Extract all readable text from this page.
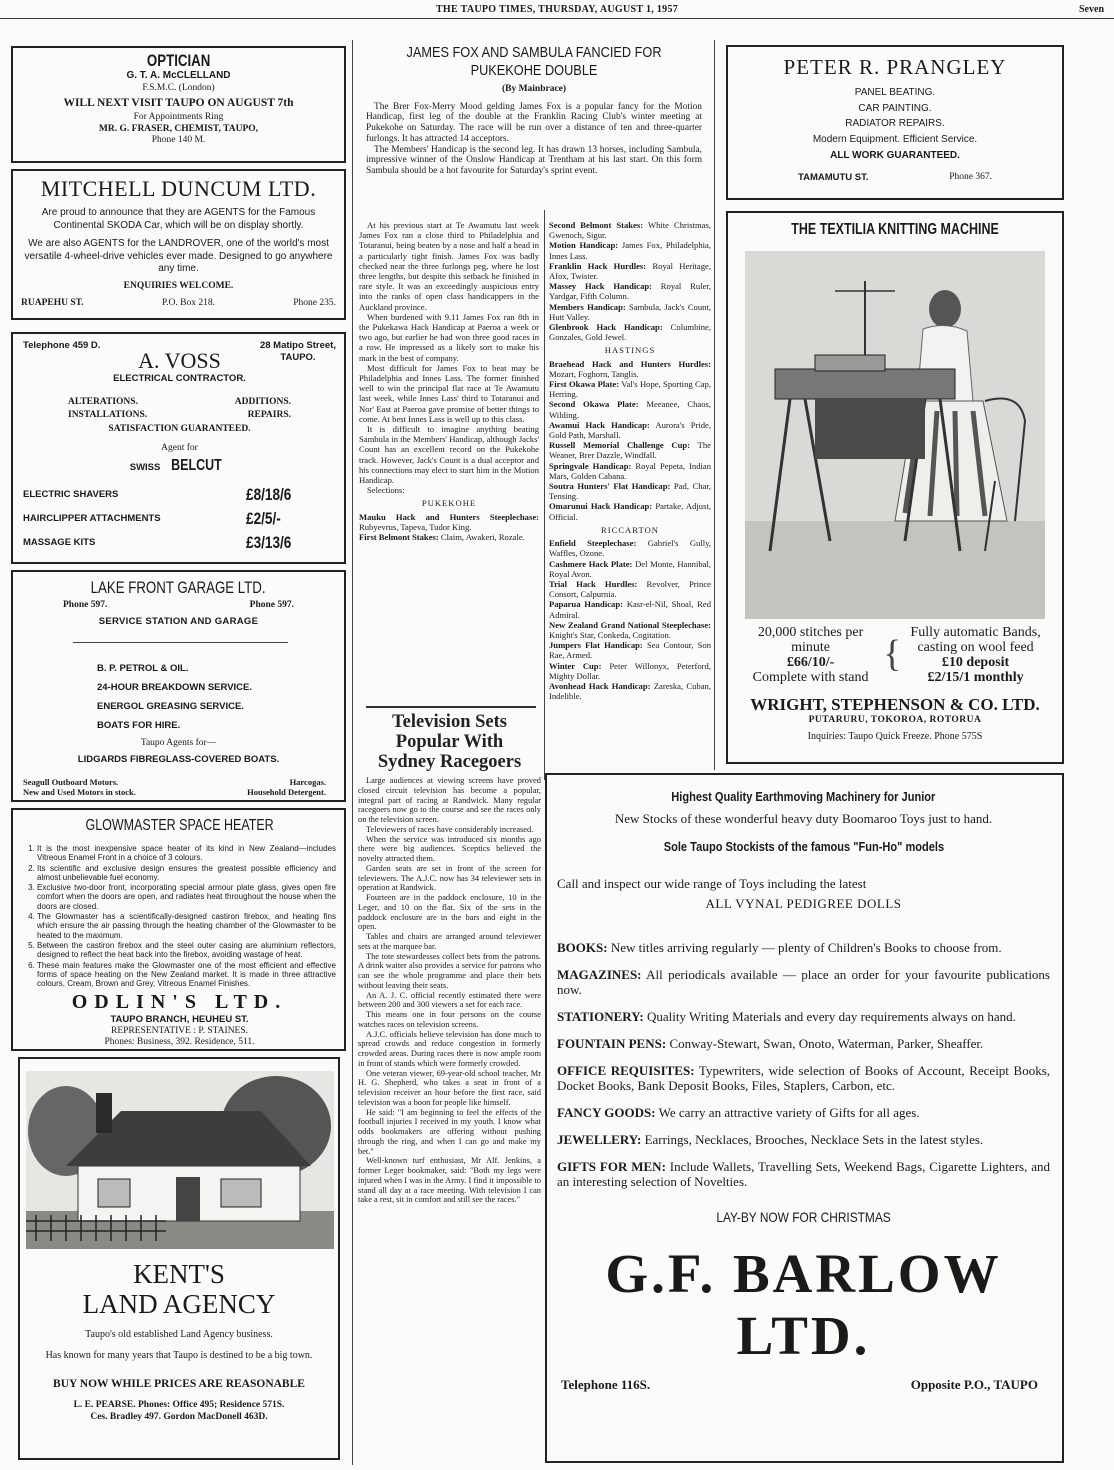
THE TAUPO TIMES, THURSDAY, AUGUST 1, 1957	Seven
OPTICIAN
G. T. A. McCLELLAND
F.S.M.C. (London)
WILL NEXT VISIT TAUPO ON AUGUST 7th
For Appointments Ring
MR. G. FRASER, CHEMIST, TAUPO,
Phone 140 M.
MITCHELL DUNCUM LTD.
Are proud to announce that they are AGENTS for the Famous Continental SKODA Car, which will be on display shortly.
We are also AGENTS for the LANDROVER, one of the world's most versatile 4-wheel-drive vehicles ever made. Designed to go anywhere any time.
ENQUIRIES WELCOME.
RUAPEHU ST.	P.O. Box 218.	Phone 235.
Telephone 459 D.	28 Matipo Street,
TAUPO.
A. VOSS
ELECTRICAL CONTRACTOR.
ALTERATIONS.	ADDITIONS.
INSTALLATIONS.	REPAIRS.
SATISFACTION GUARANTEED.
Agent for
SWISS BELCUT
ELECTRIC SHAVERS	£8/18/6
HAIRCLIPPER ATTACHMENTS	£2/5/-
MASSAGE KITS	£3/13/6
LAKE FRONT GARAGE LTD.
Phone 597.	Phone 597.
SERVICE STATION AND GARAGE
B. P. PETROL & OIL.
24-HOUR BREAKDOWN SERVICE.
ENERGOL GREASING SERVICE.
BOATS FOR HIRE.
Taupo Agents for—
LIDGARDS FIBREGLASS-COVERED BOATS.
Seagull Outboard Motors.	Harcogas.
New and Used Motors in stock.	Household Detergent.
GLOWMASTER SPACE HEATER
1. It is the most inexpensive space heater of its kind in New Zealand—includes Vitreous Enamel Front in a choice of 3 colours.
2. Its scientific and exclusive design ensures the greatest possible efficiency and almost unbelievable fuel economy.
3. Exclusive two-door front, incorporating special armour plate glass, gives open fire comfort when the doors are open, and radiates heat throughout the house when the doors are closed.
4. The Glowmaster has a scientifically-designed castiron firebox, and heating fins which ensure the air passing through the heating chamber of the Glowmaster to be heated to the maximum.
5. Between the castiron firebox and the steel outer casing are aluminium reflectors, designed to reflect the heat back into the firebox, avoiding wastage of heat.
6. These main features make the Glowmaster one of the most efficient and effective forms of space heating on the New Zealand market. It is made in three attractive colours, Cream, Brown and Grey, Vitreous Enamel Finishes.
ODLIN'S LTD.
TAUPO BRANCH, HEUHEU ST.
REPRESENTATIVE : P. STAINES.
Phones: Business, 392. Residence, 511.
KENT'S
LAND AGENCY
Taupo's old established Land Agency business.
Has known for many years that Taupo is destined to be a big town.
BUY NOW WHILE PRICES ARE REASONABLE
L. E. PEARSE. Phones: Office 495; Residence 571S.
Ces. Bradley 497. Gordon MacDonell 463D.
JAMES FOX AND SAMBULA FANCIED FOR PUKEKOHE DOUBLE
(By Mainbrace)

The Brer Fox-Merry Mood gelding James Fox is a popular fancy for the Motion Handicap, first leg of the double at the Franklin Racing Club's winter meeting at Pukekohe on Saturday. The race will be run over a distance of ten and three-quarter furlongs. It has attracted 14 acceptors.

The Members' Handicap is the second leg. It has drawn 13 horses, including Sambula, impressive winner of the Onslow Handicap at Trentham at his last start. On this form Sambula should be a hot favourite for Saturday's sprint event.

At his previous start at Te Awamutu last week James Fox ran a close third to Philadelphia and Totaranui, being beaten by a nose and half a head in a particularly tight finish. James Fox was badly checked near the three furlongs peg, where he lost three lengths, but despite this setback he finished in rare style. It was an exceedingly auspicious entry into the ranks of open class handicappers in the Auckland province.

When burdened with 9.11 James Fox ran 8th in the Pukekawa Hack Handicap at Paeroa a week or two ago, but earlier he had won three good races in a row. He impressed as a likely sort to make his mark in the best of company.

Most difficult for James Fox to beat may be Philadelphia and Innes Lass. The former finished well to win the principal flat race at Te Awamutu last week, while Innes Lass' third to Totaranui and Nor' East at Paeroa gave promise of better things to come. At best Innes Lass is well up to this class.

It is difficult to imagine anything beating Sambula in the Members' Handicap, although Jacks' Count has an excellent record on the Pukekohe track. However, Jack's Count is a dual acceptor and his connections may elect to start him in the Motion Handicap.

Selections:

PUKEKOHE

Mauku Hack and Hunters Steeplechase: Rubyevrus, Tapeva, Tudor King.

First Belmont Stakes: Claim, Awakeri, Rozale.

Second Belmont Stakes: White Christmas, Gwenoch, Sigur.

Motion Handicap: James Fox, Philadelphia, Innes Lass.

Franklin Hack Hurdles: Royal Heritage, Afox, Twister.

Massey Hack Handicap: Royal Ruler, Yardgar, Fifth Column.

Members Handicap: Sambula, Jack's Count, Hutt Valley.

Glenbrook Hack Handicap: Columbine, Gonzales, Gold Jewel.

HASTINGS

Braehead Hack and Hunters Hurdles: Mozart, Foghorn, Tanglis.

First Okawa Plate: Val's Hope, Sporting Cap, Herring.

Second Okawa Plate: Meeanee, Chaos, Wilding.

Awamui Hack Handicap: Aurora's Pride, Gold Path, Marshall.

Russell Memorial Challenge Cup: The Weaner, Brer Dazzle, Windfall.

Springvale Handicap: Royal Pepeta, Indian Mars, Golden Cabana.

Soutra Hunters' Flat Handicap: Pad, Char, Tensing.

Omarunui Hack Handicap: Partake, Adjust, Official.

RICCARTON

Enfield Steeplechase: Gabriel's Gully, Waffles, Ozone.

Cashmere Hack Plate: Del Monte, Hannibal, Royal Avon.

Trial Hack Hurdles: Revolver, Prince Consort, Calpurnia.

Paparua Handicap: Kasr-el-Nil, Shoal, Red Admiral.

New Zealand Grand National Steeplechase: Knight's Star, Conkeda, Cogitation.

Jumpers Flat Handicap: Sea Contour, Son Rae, Armed.

Winter Cup: Peter Willonyx, Peterford, Mighty Dollar.

Avonhead Hack Handicap: Zareska, Cuban, Indelible.

Television Sets
Popular With
Sydney Racegoers

Large audiences at viewing screens have proved closed circuit television has become a popular, integral part of racing at Randwick. Many regular racegoers now go to the course and see the races only on the television screen.

Televiewers of races have considerably increased.

When the service was introduced six months ago there were big audiences. Sceptics believed the novelty attracted them.

Garden seats are set in front of the screen for televiewers. The A.J.C. now has 34 televiewer sets in operation at Randwick.

Fourteen are in the paddock enclosure, 10 in the Leger, and 10 on the flat. Six of the sets in the paddock enclosure are in the bars and eight in the open.

Tables and chairs are arranged around televiewer sets at the marquee bar.

The tote stewardesses collect bets from the patrons. A drink waiter also provides a service for patrons who can see the whole programme and place their bets without leaving their seats.

An A. J. C. official recently estimated there were between 200 and 300 viewers a set for each race.

This means one in four persons on the course watches races on television screens.

A.J.C. officials believe television has done much to spread crowds and reduce congestion in formerly crowded areas. During races there is now ample room in front of stands which were formerly crowded.

One veteran viewer, 69-year-old school teacher, Mr H. G. Shepherd, who takes a seat in front of a television receiver an hour before the first race, said television was a boon for people like himself.

He said: "I am beginning to feel the effects of the football injuries I received in my youth. I know what odds bookmakers are offering without pushing through the ring, and when I can go and make my bet."

Well-known turf enthusiast, Mr Alf. Jenkins, a former Leger bookmaker, said: "Both my legs were injured when I was in the Army. I find it impossible to stand all day at a race meeting. With television I can take a rest, sit in comfort and still see the races."

PETER R. PRANGLEY
PANEL BEATING.
CAR PAINTING.
RADIATOR REPAIRS.
Modern Equipment. Efficient Service.
ALL WORK GUARANTEED.
TAMAMUTU ST.	Phone 367.
THE TEXTILIA KNITTING MACHINE
20,000 stitches per
minute
£66/10/-
Complete with stand
{
Fully automatic Bands,
casting on wool feed
£10 deposit
£2/15/1 monthly
WRIGHT, STEPHENSON & CO. LTD.
PUTARURU, TOKOROA, ROTORUA
Inquiries: Taupo Quick Freeze. Phone 575S
Highest Quality Earthmoving Machinery for Junior
New Stocks of these wonderful heavy duty Boomaroo Toys just to hand.
Sole Taupo Stockists of the famous "Fun-Ho" models
Call and inspect our wide range of Toys including the latest
ALL VYNAL PEDIGREE DOLLS
BOOKS: New titles arriving regularly — plenty of Children's Books to choose from.
MAGAZINES: All periodicals available — place an order for your favourite publications now.
STATIONERY: Quality Writing Materials and every day requirements always on hand.
FOUNTAIN PENS: Conway-Stewart, Swan, Onoto, Waterman, Parker, Sheaffer.
OFFICE REQUISITES: Typewriters, wide selection of Books of Account, Receipt Books, Docket Books, Bank Deposit Books, Files, Staplers, Carbon, etc.
FANCY GOODS: We carry an attractive variety of Gifts for all ages.
JEWELLERY: Earrings, Necklaces, Brooches, Necklace Sets in the latest styles.
GIFTS FOR MEN: Include Wallets, Travelling Sets, Weekend Bags, Cigarette Lighters, and an interesting selection of Novelties.
LAY-BY NOW FOR CHRISTMAS
G.F. BARLOW LTD.
Telephone 116S.	Opposite P.O., TAUPO
